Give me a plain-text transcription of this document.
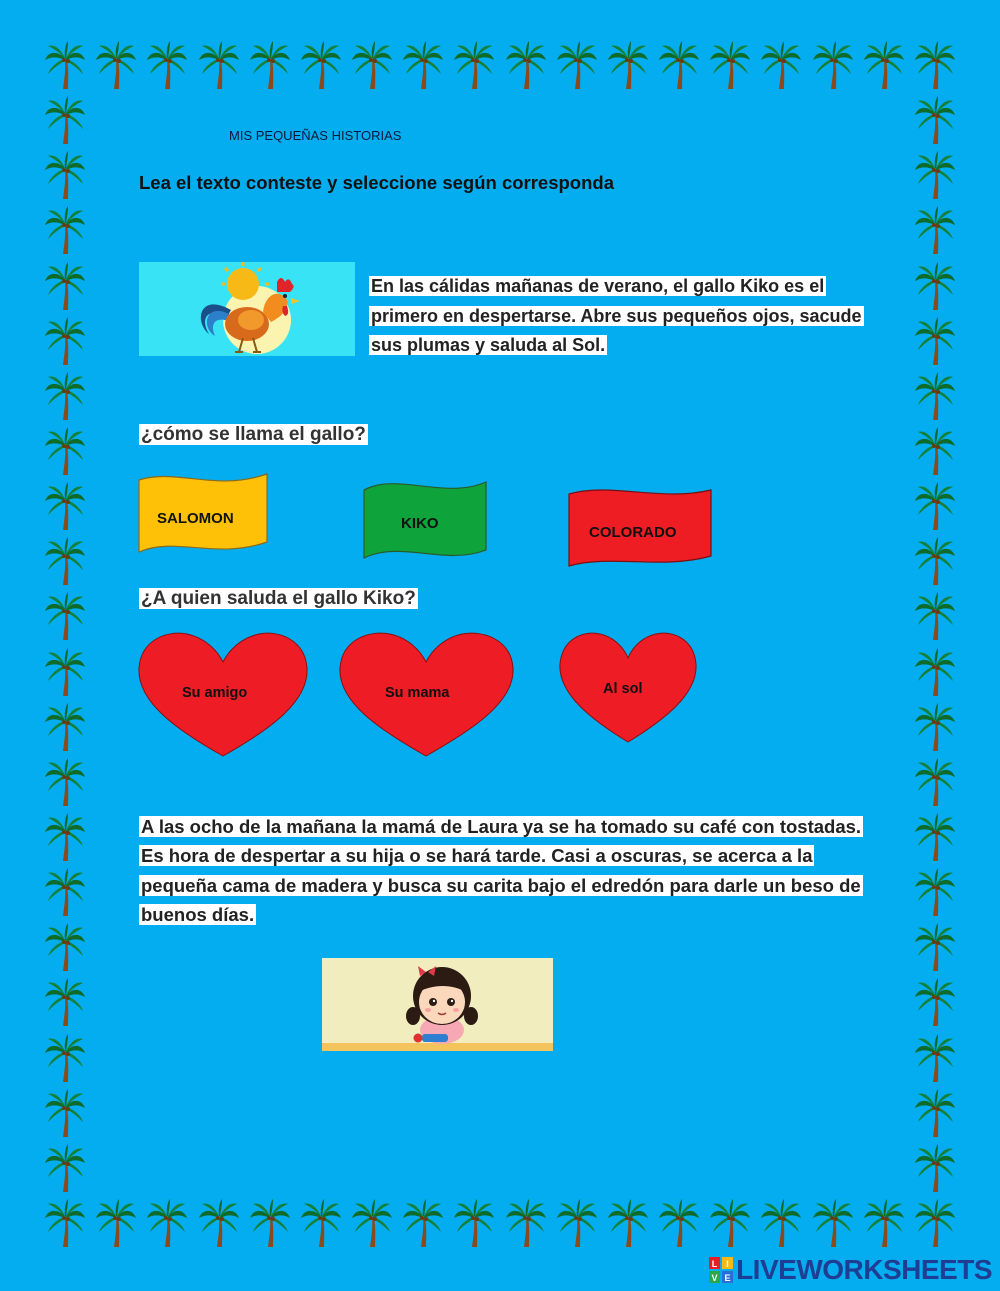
MIS PEQUEÑAS HISTORIAS
Lea el texto conteste y seleccione según corresponda
En las cálidas mañanas de verano, el gallo Kiko es el primero en despertarse. Abre sus pequeños ojos, sacude sus plumas y saluda al Sol.
¿cómo se llama el gallo?
SALOMON	KIKO
COLORADO
¿A quien saluda el gallo Kiko?
Su amigo	Su mama	Al sol
A las ocho de la mañana la mamá de Laura ya se ha tomado su café con tostadas. Es hora de despertar a su hija o se hará tarde. Casi a oscuras, se acerca a la pequeña cama de madera y busca su carita bajo el edredón para darle un beso de buenos días.
L I
V E LIVEWORKSHEETS
